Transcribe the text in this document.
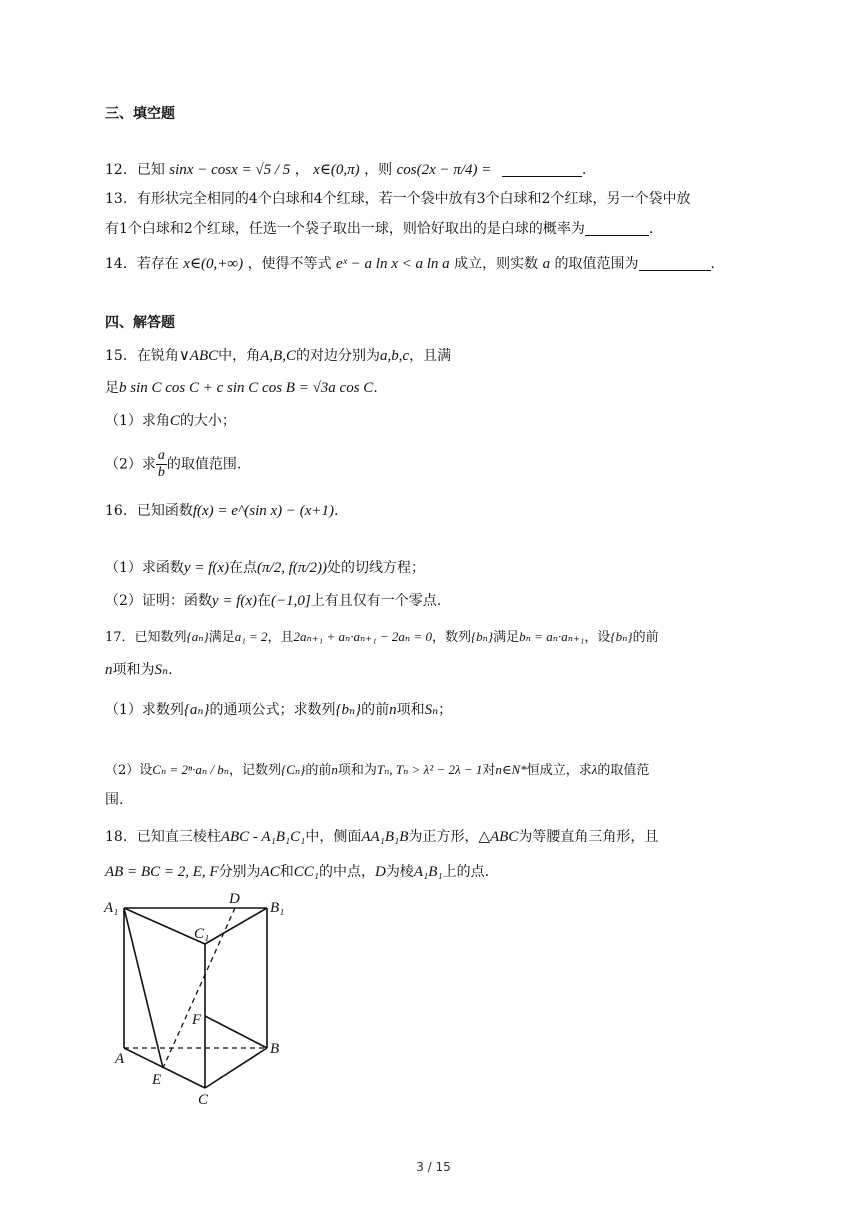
三、填空题
12．已知 sinx − cosx = √5 / 5 ， x∈(0,π) ，则 cos(2x − π/4) =	.
13．有形状完全相同的4个白球和4个红球，若一个袋中放有3个白球和2个红球，另一个袋中放
有1个白球和2个红球，任选一个袋子取出一球，则恰好取出的是白球的概率为	.
14．若存在 x∈(0,+∞) ，使得不等式 eˣ − a ln x < a ln a 成立，则实数 a 的取值范围为	.
四、解答题
15．在锐角∨ABC中，角A,B,C的对边分别为a,b,c，且满
足b sin C cos C + c sin C cos B = √3a cos C.
（1）求角C的大小；
（2）求 $\frac{a}{b}$ 的取值范围.
16．已知函数f(x) = e^(sin x) − (x+1).
（1）求函数y = f(x)在点(π/2, f(π/2))处的切线方程；
（2）证明：函数y = f(x)在(−1,0]上有且仅有一个零点.
17．已知数列{aₙ}满足a₁ = 2，且2aₙ₊₁ + aₙ·aₙ₊₁ − 2aₙ = 0，数列{bₙ}满足bₙ = aₙ·aₙ₊₁，设{bₙ}的前
n项和为Sₙ.
（1）求数列{aₙ}的通项公式；求数列{bₙ}的前n项和Sₙ；
（2）设Cₙ = 2ⁿ·aₙ / bₙ，记数列{Cₙ}的前n项和为Tₙ, Tₙ > λ² − 2λ − 1对n∈N*恒成立，求λ的取值范
围.
18．已知直三棱柱ABC - A₁B₁C₁中，侧面AA₁B₁B为正方形，△ABC为等腰直角三角形，且
AB = BC = 2, E, F分别为AC和CC₁的中点，D为棱A₁B₁上的点.
A₁	B₁
D
C₁
F
A
B
E
C
3 / 15
